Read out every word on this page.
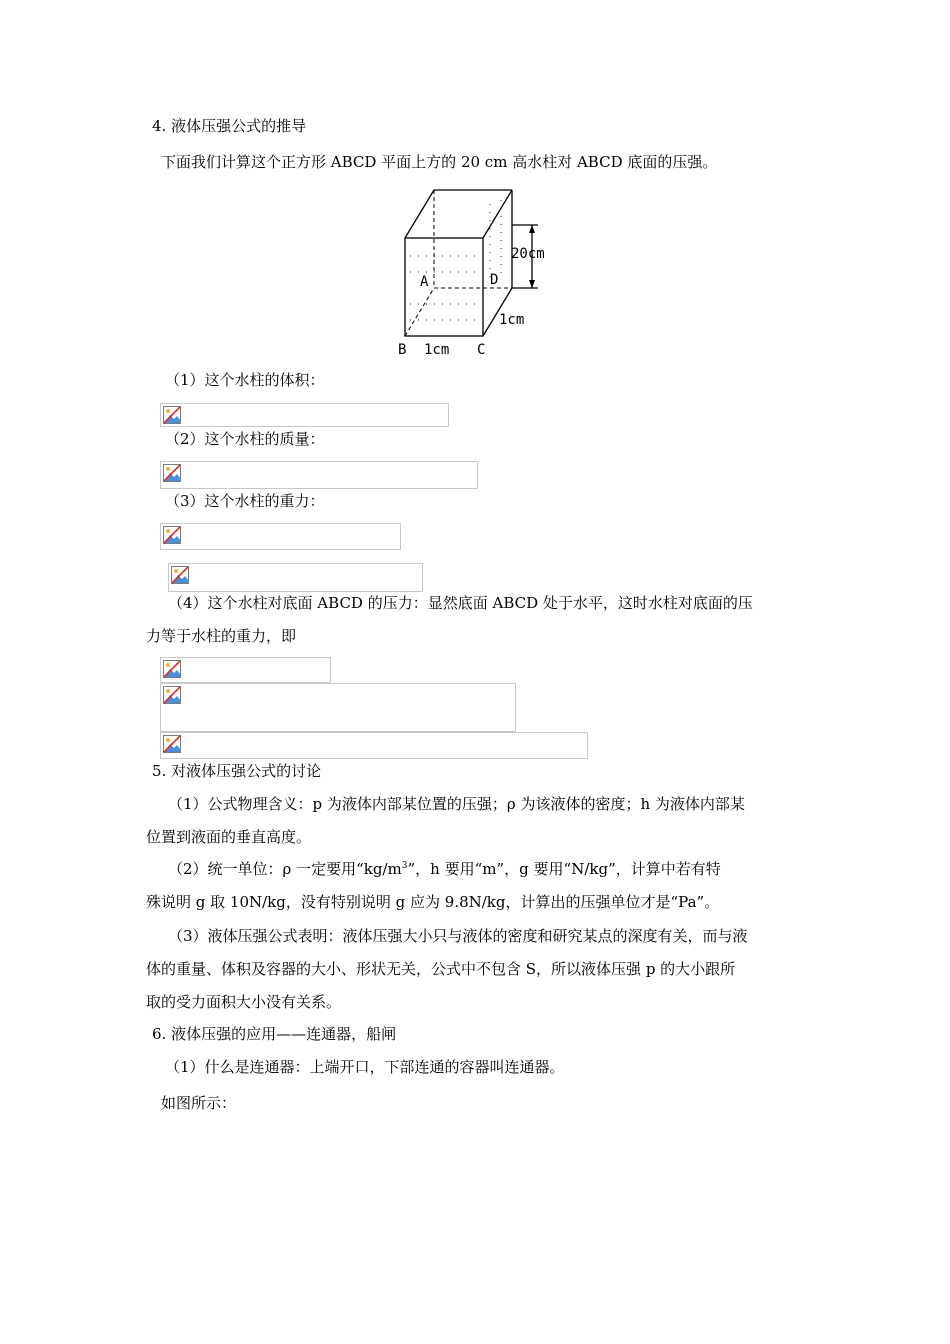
4. 液体压强公式的推导
下面我们计算这个正方形 ABCD 平面上方的 20 cm 高水柱对 ABCD 底面的压强。
20cm
1cm
1cm
A	D
B	C
（1）这个水柱的体积：
（2）这个水柱的质量：
（3）这个水柱的重力：
（4）这个水柱对底面 ABCD 的压力：显然底面 ABCD 处于水平，这时水柱对底面的压
力等于水柱的重力，即
5. 对液体压强公式的讨论
（1）公式物理含义：p 为液体内部某位置的压强；ρ 为该液体的密度；h 为液体内部某
位置到液面的垂直高度。
（2）统一单位：ρ 一定要用“$kg/m^3$”，h 要用“m”，g 要用“N/kg”，计算中若有特
殊说明 g 取 10N/kg，没有特别说明 g 应为 9.8N/kg，计算出的压强单位才是“Pa”。
（3）液体压强公式表明：液体压强大小只与液体的密度和研究某点的深度有关，而与液
体的重量、体积及容器的大小、形状无关，公式中不包含 S，所以液体压强 p 的大小跟所
取的受力面积大小没有关系。
6. 液体压强的应用——连通器，船闸
（1）什么是连通器：上端开口，下部连通的容器叫连通器。
如图所示：
